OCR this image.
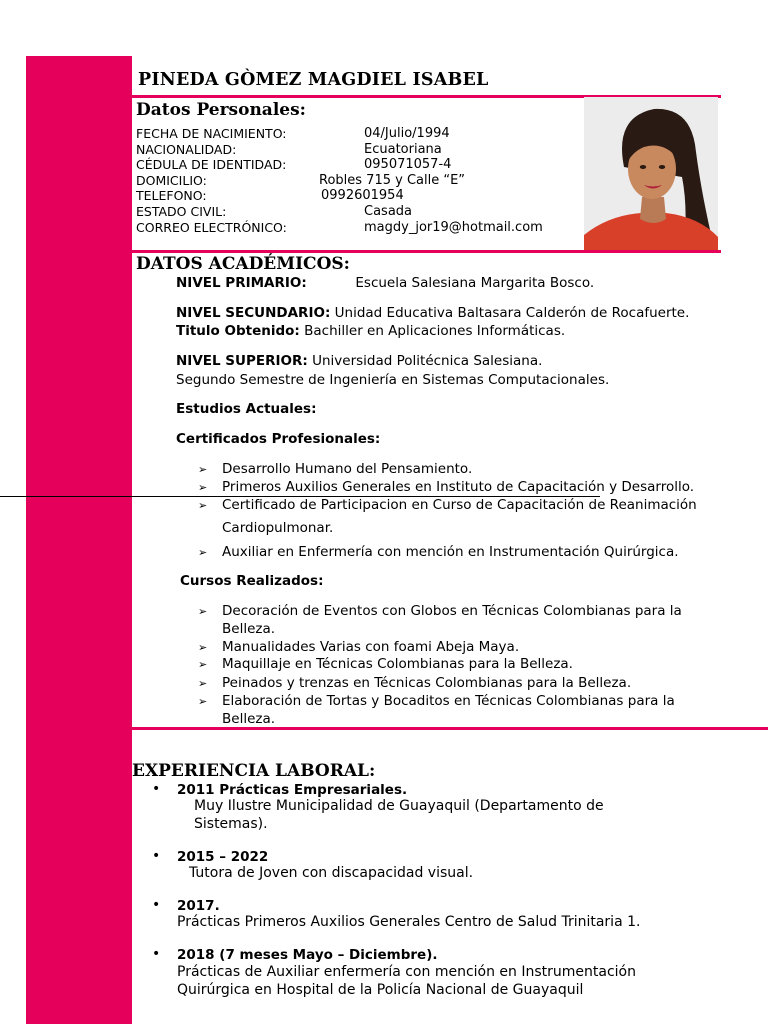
PINEDA GÒMEZ MAGDIEL ISABEL
Datos Personales:
FECHA DE NACIMIENTO:	04/Julio/1994
NACIONALIDAD:	Ecuatoriana
CÉDULA DE IDENTIDAD:	095071057-4
DOMICILIO:	Robles 715 y Calle “E”
TELEFONO:	0992601954
ESTADO CIVIL:	Casada
CORREO ELECTRÓNICO:	magdy_jor19@hotmail.com
DATOS ACADÉMICOS:
NIVEL PRIMARIO:	Escuela Salesiana Margarita Bosco.
NIVEL SECUNDARIO: Unidad Educativa Baltasara Calderón de Rocafuerte.
Titulo Obtenido: Bachiller en Aplicaciones Informáticas.
NIVEL SUPERIOR: Universidad Politécnica Salesiana.
Segundo Semestre de Ingeniería en Sistemas Computacionales.
Estudios Actuales:
Certificados Profesionales:
➢ Desarrollo Humano del Pensamiento.
➢ Primeros Auxilios Generales en Instituto de Capacitación y Desarrollo.
➢ Certificado de Participacion en Curso de Capacitación de Reanimación
Cardiopulmonar.
➢ Auxiliar en Enfermería con mención en Instrumentación Quirúrgica.
Cursos Realizados:
➢ Decoración de Eventos con Globos en Técnicas Colombianas para la
Belleza.
➢ Manualidades Varias con foami Abeja Maya.
➢ Maquillaje en Técnicas Colombianas para la Belleza.
➢ Peinados y trenzas en Técnicas Colombianas para la Belleza.
➢ Elaboración de Tortas y Bocaditos en Técnicas Colombianas para la
Belleza.
EXPERIENCIA LABORAL:
• 2011 Prácticas Empresariales.
Muy Ilustre Municipalidad de Guayaquil (Departamento de
Sistemas).
• 2015 – 2022
Tutora de Joven con discapacidad visual.
• 2017.
Prácticas Primeros Auxilios Generales Centro de Salud Trinitaria 1.
• 2018 (7 meses Mayo – Diciembre).
Prácticas de Auxiliar enfermería con mención en Instrumentación
Quirúrgica en Hospital de la Policía Nacional de Guayaquil
